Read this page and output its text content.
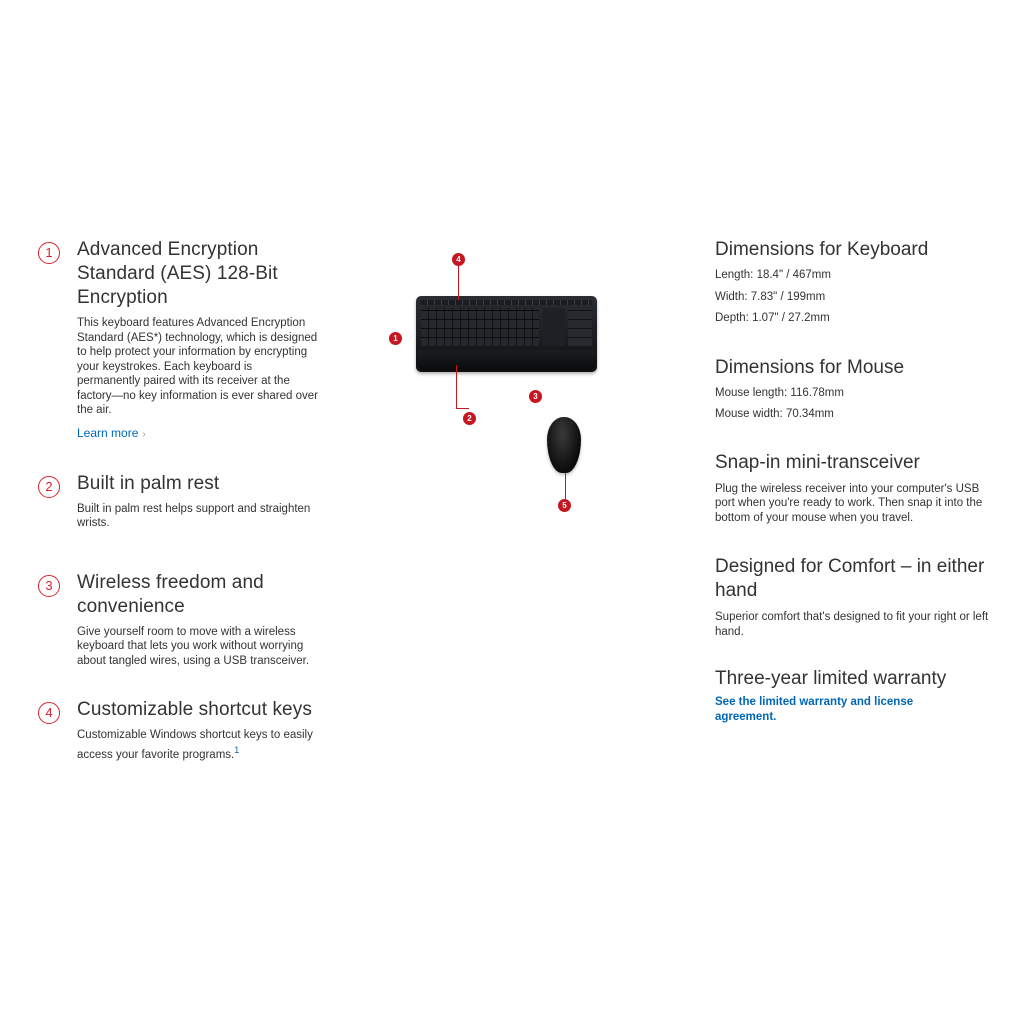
1	Advanced Encryption Standard (AES) 128-Bit Encryption
This keyboard features Advanced Encryption Standard (AES*) technology, which is designed to help protect your information by encrypting your keystrokes. Each keyboard is permanently paired with its receiver at the factory—no key information is ever shared over the air.
Learn more ›
2	Built in palm rest
Built in palm rest helps support and straighten wrists.
3	Wireless freedom and convenience
Give yourself room to move with a wireless keyboard that lets you work without worrying about tangled wires, using a USB transceiver.
4	Customizable shortcut keys
Customizable Windows shortcut keys to easily access your favorite programs.$^1$
4
1
2
3
5
Dimensions for Keyboard
Length: 18.4" / 467mm
Width: 7.83" / 199mm
Depth: 1.07" / 27.2mm
Dimensions for Mouse
Mouse length: 116.78mm
Mouse width: 70.34mm
Snap-in mini-transceiver
Plug the wireless receiver into your computer's USB port when you're ready to work. Then snap it into the bottom of your mouse when you travel.
Designed for Comfort – in either hand
Superior comfort that's designed to fit your right or left hand.
Three-year limited warranty
See the limited warranty and license agreement.
